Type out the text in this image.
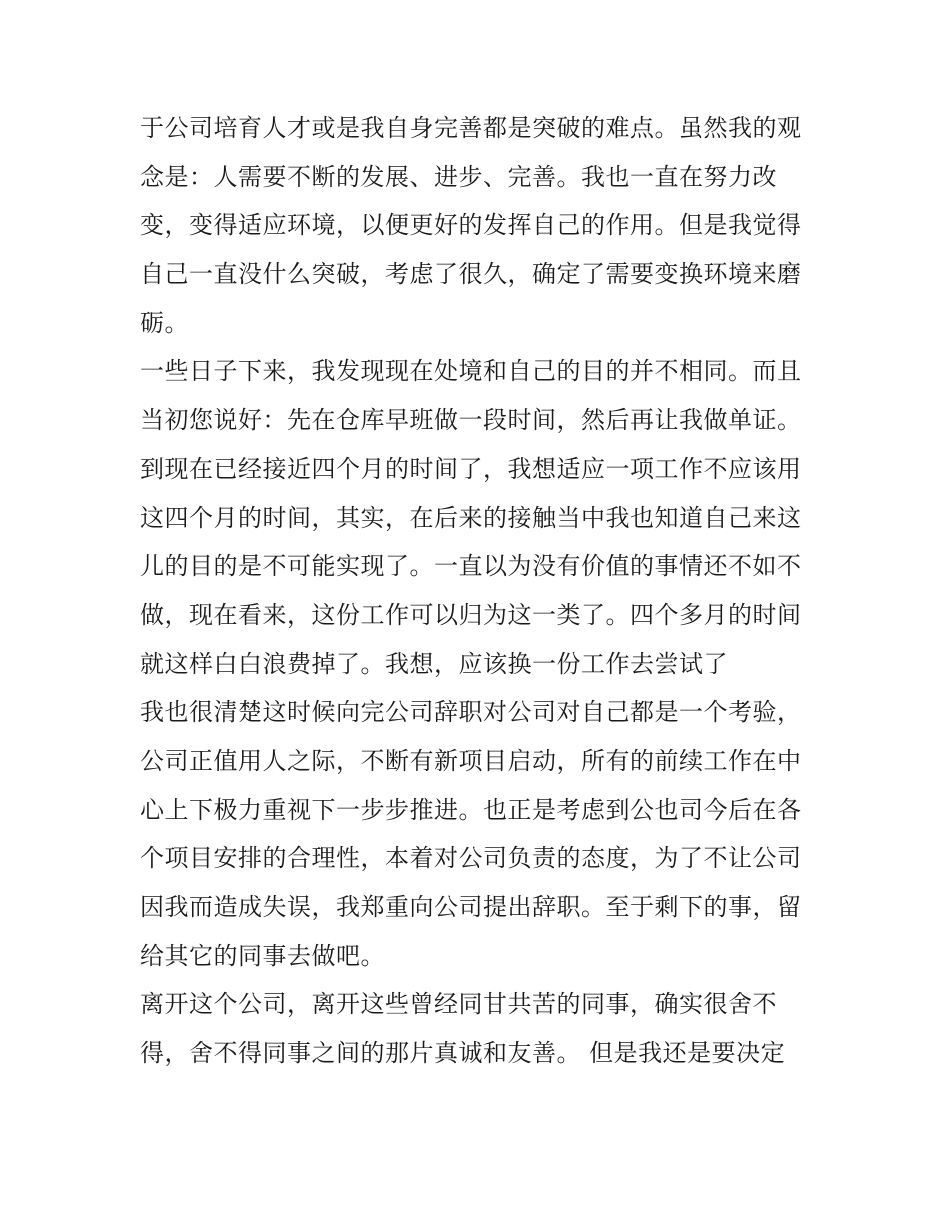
于公司培育人才或是我自身完善都是突破的难点。虽然我的观
念是：人需要不断的发展、进步、完善。我也一直在努力改
变，变得适应环境，以便更好的发挥自己的作用。但是我觉得
自己一直没什么突破，考虑了很久，确定了需要变换环境来磨
砺。
一些日子下来，我发现现在处境和自己的目的并不相同。而且
当初您说好：先在仓库早班做一段时间，然后再让我做单证。
到现在已经接近四个月的时间了，我想适应一项工作不应该用
这四个月的时间，其实，在后来的接触当中我也知道自己来这
儿的目的是不可能实现了。一直以为没有价值的事情还不如不
做，现在看来，这份工作可以归为这一类了。四个多月的时间
就这样白白浪费掉了。我想，应该换一份工作去尝试了
我也很清楚这时候向完公司辞职对公司对自己都是一个考验，
公司正值用人之际，不断有新项目启动，所有的前续工作在中
心上下极力重视下一步步推进。也正是考虑到公也司今后在各
个项目安排的合理性，本着对公司负责的态度，为了不让公司
因我而造成失误，我郑重向公司提出辞职。至于剩下的事，留
给其它的同事去做吧。
离开这个公司，离开这些曾经同甘共苦的同事，确实很舍不
得，舍不得同事之间的那片真诚和友善。 但是我还是要决定
